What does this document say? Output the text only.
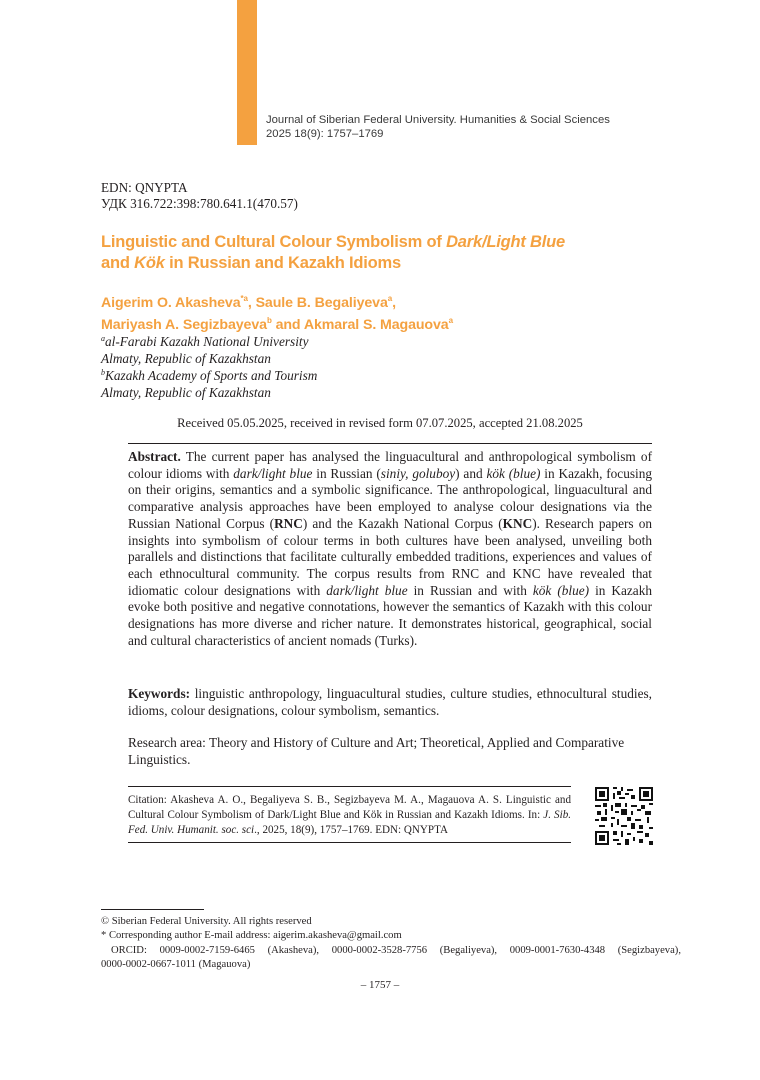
Journal of Siberian Federal University. Humanities & Social Sciences
2025 18(9): 1757–1769
EDN: QNYPTA
УДК 316.722:398:780.641.1(470.57)
Linguistic and Cultural Colour Symbolism of Dark/Light Blue
and Kök in Russian and Kazakh Idioms
Aigerim O. Akasheva$^{*a}$, Saule B. Begaliyeva$^a$,
Mariyash A. Segizbayeva$^b$ and Akmaral S. Magauova$^a$
$^a$al-Farabi Kazakh National University
Almaty, Republic of Kazakhstan
$^b$Kazakh Academy of Sports and Tourism
Almaty, Republic of Kazakhstan
Received 05.05.2025, received in revised form 07.07.2025, accepted 21.08.2025
Abstract. The current paper has analysed the linguacultural and anthropological symbolism of colour idioms with dark/light blue in Russian (siniy, goluboy) and kök (blue) in Kazakh, focusing on their origins, semantics and a symbolic significance. The anthropological, linguacultural and comparative analysis approaches have been employed to analyse colour designations via the Russian National Corpus (RNC) and the Kazakh National Corpus (KNC). Research papers on insights into symbolism of colour terms in both cultures have been analysed, unveiling both parallels and distinctions that facilitate culturally embedded traditions, experiences and values of each ethnocultural community. The corpus results from RNC and KNC have revealed that idiomatic colour designations with dark/light blue in Russian and with kök (blue) in Kazakh evoke both positive and negative connotations, however the semantics of Kazakh with this colour designations has more diverse and richer nature. It demonstrates historical, geographical, social and cultural characteristics of ancient nomads (Turks).
Keywords: linguistic anthropology, linguacultural studies, culture studies, ethnocultural studies, idioms, colour designations, colour symbolism, semantics.
Research area: Theory and History of Culture and Art; Theoretical, Applied and Comparative Linguistics.
Citation: Akasheva A. O., Begaliyeva S. B., Segizbayeva M. A., Magauova A. S. Linguistic and Cultural Colour Symbolism of Dark/Light Blue and Kök in Russian and Kazakh Idioms. In: J. Sib. Fed. Univ. Humanit. soc. sci., 2025, 18(9), 1757–1769. EDN: QNYPTA
© Siberian Federal University. All rights reserved
* Corresponding author E-mail address: aigerim.akasheva@gmail.com
ORCID: 0009-0002-7159-6465 (Akasheva), 0000-0002-3528-7756 (Begaliyeva), 0009-0001-7630-4348 (Segizbayeva),
0000-0002-0667-1011 (Magauova)
– 1757 –
